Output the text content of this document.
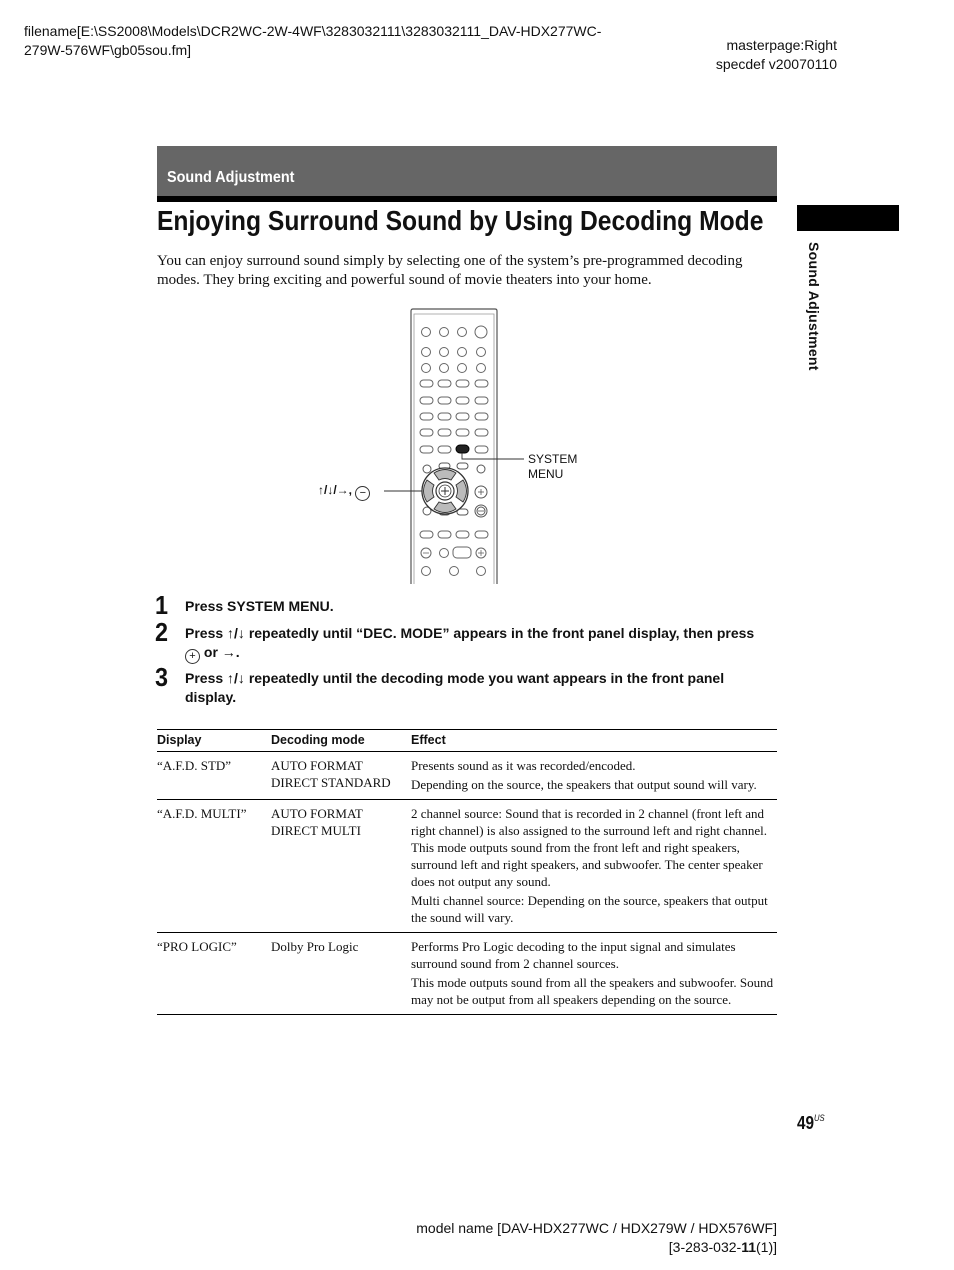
filename[E:\SS2008\Models\DCR2WC-2W-4WF\3283032111\3283032111_DAV-HDX277WC-
279W-576WF\gb05sou.fm]	masterpage:Right
specdef v20070110
Sound Adjustment
Enjoying Surround Sound by Using Decoding Mode

You can enjoy surround sound simply by selecting one of the system’s pre-programmed decoding modes. They bring exciting and powerful sound of movie theaters into your home.	Sound Adjustment
SYSTEM
MENU
↑/↓/→, −
1 Press SYSTEM MENU.
2 Press ↑/↓ repeatedly until “DEC. MODE” appears in the front panel display, then press
+ or →.
3 Press ↑/↓ repeatedly until the decoding mode you want appears in the front panel display.
Display	Decoding mode	Effect
“A.F.D. STD”	AUTO FORMAT DIRECT STANDARD	Presents sound as it was recorded/encoded.

Depending on the source, the speakers that output sound will vary.

“A.F.D. MULTI”	AUTO FORMAT DIRECT MULTI	2 channel source: Sound that is recorded in 2 channel (front left and right channel) is also assigned to the surround left and right channel. This mode outputs sound from the front left and right speakers, surround left and right speakers, and subwoofer. The center speaker does not output any sound.

Multi channel source: Depending on the source, speakers that output the sound will vary.

“PRO LOGIC”	Dolby Pro Logic	Performs Pro Logic decoding to the input signal and simulates surround sound from 2 channel sources.

This mode outputs sound from all the speakers and subwoofer. Sound may not be output from all speakers depending on the source.

$49^{US}$
model name [DAV-HDX277WC / HDX279W / HDX576WF]
[3-283-032-11(1)]
